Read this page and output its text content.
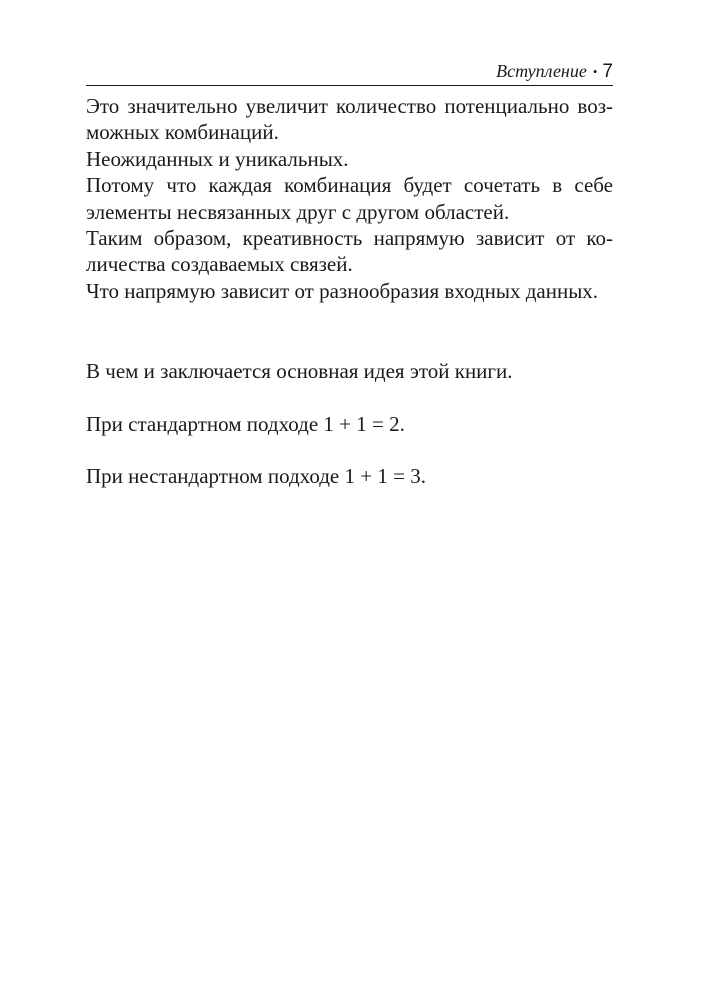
Вступление • 7

Это значительно увеличит количество потенциально возможных комбинаций.

Неожиданных и уникальных.

Потому что каждая комбинация будет сочетать в себе элементы несвязанных друг с другом областей.

Таким образом, креативность напрямую зависит от количества создаваемых связей.

Что напрямую зависит от разнообразия входных данных.

В чем и заключается основная идея этой книги.

При стандартном подходе 1 + 1 = 2.

При нестандартном подходе 1 + 1 = 3.
